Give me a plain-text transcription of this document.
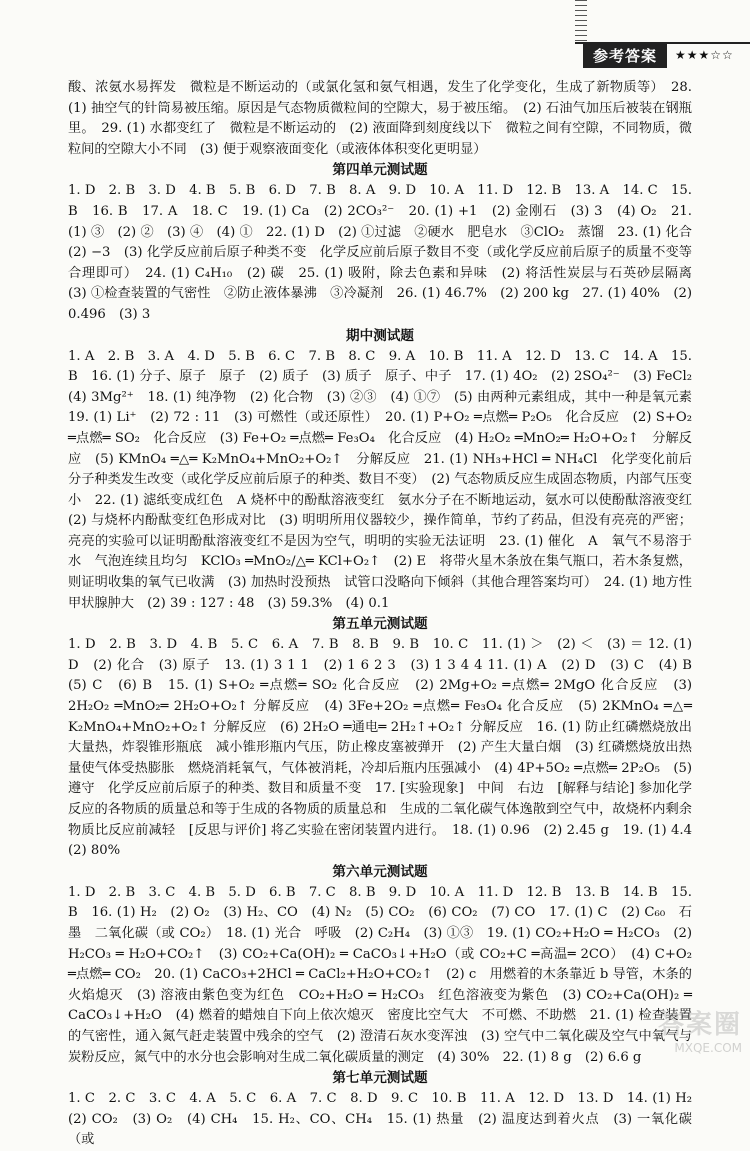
参考答案	★★★☆☆
酸、浓氨水易挥发　微粒是不断运动的（或氯化氢和氨气相遇，发生了化学变化，生成了新物质等）　28.(1) 抽空气的针筒易被压缩。原因是气态物质微粒间的空隙大，易于被压缩。　(2) 石油气加压后被装在钢瓶里。　29. (1) 水都变红了　微粒是不断运动的　(2) 液面降到刻度线以下　微粒之间有空隙，不同物质，微粒间的空隙大小不同　(3) 便于观察液面变化（或液体体积变化更明显）
第四单元测试题
1. D　2. B　3. D　4. B　5. B　6. D　7. B　8. A　9. D　10. A　11. D　12. B　13. A　14. C　15. B　16. B　17. A　18. C　19. (1) Ca　(2) 2CO₃²⁻　20. (1) +1　(2) 金刚石　(3) 3　(4) O₂　21. (1) ③　(2) ②　(3) ④　(4) ①　22. (1) D　(2) ①过滤　②硬水　肥皂水　③ClO₂　蒸馏　23. (1) 化合　(2) −3　(3) 化学反应前后原子种类不变　化学反应前后原子数目不变（或化学反应前后原子的质量不变等合理即可）　24. (1) C₄H₁₀　(2) 碳　25. (1) 吸附，除去色素和异味　(2) 将活性炭层与石英砂层隔离　(3) ①检查装置的气密性　②防止液体暴沸　③冷凝剂　26. (1) 46.7%　(2) 200 kg　27. (1) 40%　(2) 0.496　(3) 3
期中测试题
1. A　2. B　3. A　4. D　5. B　6. C　7. B　8. C　9. A　10. B　11. A　12. D　13. C　14. A　15. B　16. (1) 分子、原子　原子　(2) 质子　(3) 质子　原子、中子　17. (1) 4O₂　(2) 2SO₄²⁻　(3) FeCl₂　(4) 3Mg²⁺　18. (1) 纯净物　(2) 化合物　(3) ②③　(4) ①⑦　(5) 由两种元素组成，其中一种是氧元素　19. (1) Li⁺　(2) 72 : 11　(3) 可燃性（或还原性）　20. (1) P+O₂ ═点燃═ P₂O₅　化合反应　(2) S+O₂ ═点燃═ SO₂　化合反应　(3) Fe+O₂ ═点燃═ Fe₃O₄　化合反应　(4) H₂O₂ ═MnO₂═ H₂O+O₂↑　分解反应　(5) KMnO₄ ═△═ K₂MnO₄+MnO₂+O₂↑　分解反应　21. (1) NH₃+HCl ═ NH₄Cl　化学变化前后分子种类发生改变（或化学反应前后原子的种类、数目不变）　(2) 气态物质反应生成固态物质，内部气压变小　22. (1) 滤纸变成红色　A 烧杯中的酚酞溶液变红　氨水分子在不断地运动，氨水可以使酚酞溶液变红　(2) 与烧杯内酚酞变红色形成对比　(3) 明明所用仪器较少，操作简单，节约了药品，但没有亮亮的严密；亮亮的实验可以证明酚酞溶液变红不是因为空气，明明的实验无法证明　23. (1) 催化　A　氧气不易溶于水　气泡连续且均匀　KClO₃ ═MnO₂/△═ KCl+O₂↑　(2) E　将带火星木条放在集气瓶口，若木条复燃，则证明收集的氧气已收满　(3) 加热时没预热　试管口没略向下倾斜（其他合理答案均可）　24. (1) 地方性甲状腺肿大　(2) 39 : 127 : 48　(3) 59.3%　(4) 0.1
第五单元测试题
1. D　2. B　3. D　4. B　5. C　6. A　7. B　8. B　9. B　10. C　11. (1) ＞　(2) ＜　(3) ＝ 12. (1) D　(2) 化合　(3) 原子　13. (1) 3 1 1　(2) 1 6 2 3　(3) 1 3 4 4 11. (1) A　(2) D　(3) C　(4) B　(5) C　(6) B　15. (1) S+O₂ ═点燃═ SO₂ 化合反应　(2) 2Mg+O₂ ═点燃═ 2MgO 化合反应　(3) 2H₂O₂ ═MnO₂═ 2H₂O+O₂↑ 分解反应　(4) 3Fe+2O₂ ═点燃═ Fe₃O₄ 化合反应　(5) 2KMnO₄ ═△═ K₂MnO₄+MnO₂+O₂↑ 分解反应　(6) 2H₂O ═通电═ 2H₂↑+O₂↑ 分解反应　16. (1) 防止红磷燃烧放出大量热，炸裂锥形瓶底　减小锥形瓶内气压，防止橡皮塞被弹开　(2) 产生大量白烟　(3) 红磷燃烧放出热量使气体受热膨胀　燃烧消耗氧气，气体被消耗，冷却后瓶内压强减小　(4) 4P+5O₂ ═点燃═ 2P₂O₅　(5) 遵守　化学反应前后原子的种类、数目和质量不变　17. [实验现象]　中间　右边　[解释与结论] 参加化学反应的各物质的质量总和等于生成的各物质的质量总和　生成的二氧化碳气体逸散到空气中，故烧杯内剩余物质比反应前减轻　[反思与评价] 将乙实验在密闭装置内进行。　18. (1) 0.96　(2) 2.45 g　19. (1) 4.4　(2) 80%
第六单元测试题
1. D　2. B　3. C　4. B　5. D　6. B　7. C　8. B　9. D　10. A　11. D　12. B　13. B　14. B　15. B　16. (1) H₂　(2) O₂　(3) H₂、CO　(4) N₂　(5) CO₂　(6) CO₂　(7) CO　17. (1) C　(2) C₆₀　石墨　二氧化碳（或 CO₂）　18. (1) 光合　呼吸　(2) C₂H₄　(3) ①③　19. (1) CO₂+H₂O ═ H₂CO₃　(2) H₂CO₃ ═ H₂O+CO₂↑　(3) CO₂+Ca(OH)₂ ═ CaCO₃↓+H₂O（或 CO₂+C ═高温═ 2CO）　(4) C+O₂ ═点燃═ CO₂　20. (1) CaCO₃+2HCl ═ CaCl₂+H₂O+CO₂↑　(2) c　用燃着的木条靠近 b 导管，木条的火焰熄灭　(3) 溶液由紫色变为红色　CO₂+H₂O ═ H₂CO₃　红色溶液变为紫色　(3) CO₂+Ca(OH)₂ ═ CaCO₃↓+H₂O　(4) 燃着的蜡烛自下向上依次熄灭　密度比空气大　不可燃、不助燃　21. (1) 检查装置的气密性，通入氮气赶走装置中残余的空气　(2) 澄清石灰水变浑浊　(3) 空气中二氧化碳及空气中氧气与炭粉反应，氮气中的水分也会影响对生成二氧化碳质量的测定　(4) 30%　22. (1) 8 g　(2) 6.6 g
第七单元测试题
1. C　2. C　3. C　4. A　5. C　6. A　7. C　8. D　9. C　10. B　11. A　12. D　13. D　14. (1) H₂　(2) CO₂　(3) O₂　(4) CH₄　15. H₂、CO、CH₄　15. (1) 热量　(2) 温度达到着火点　(3) 一氧化碳（或
答案圈
MXQE.COM
